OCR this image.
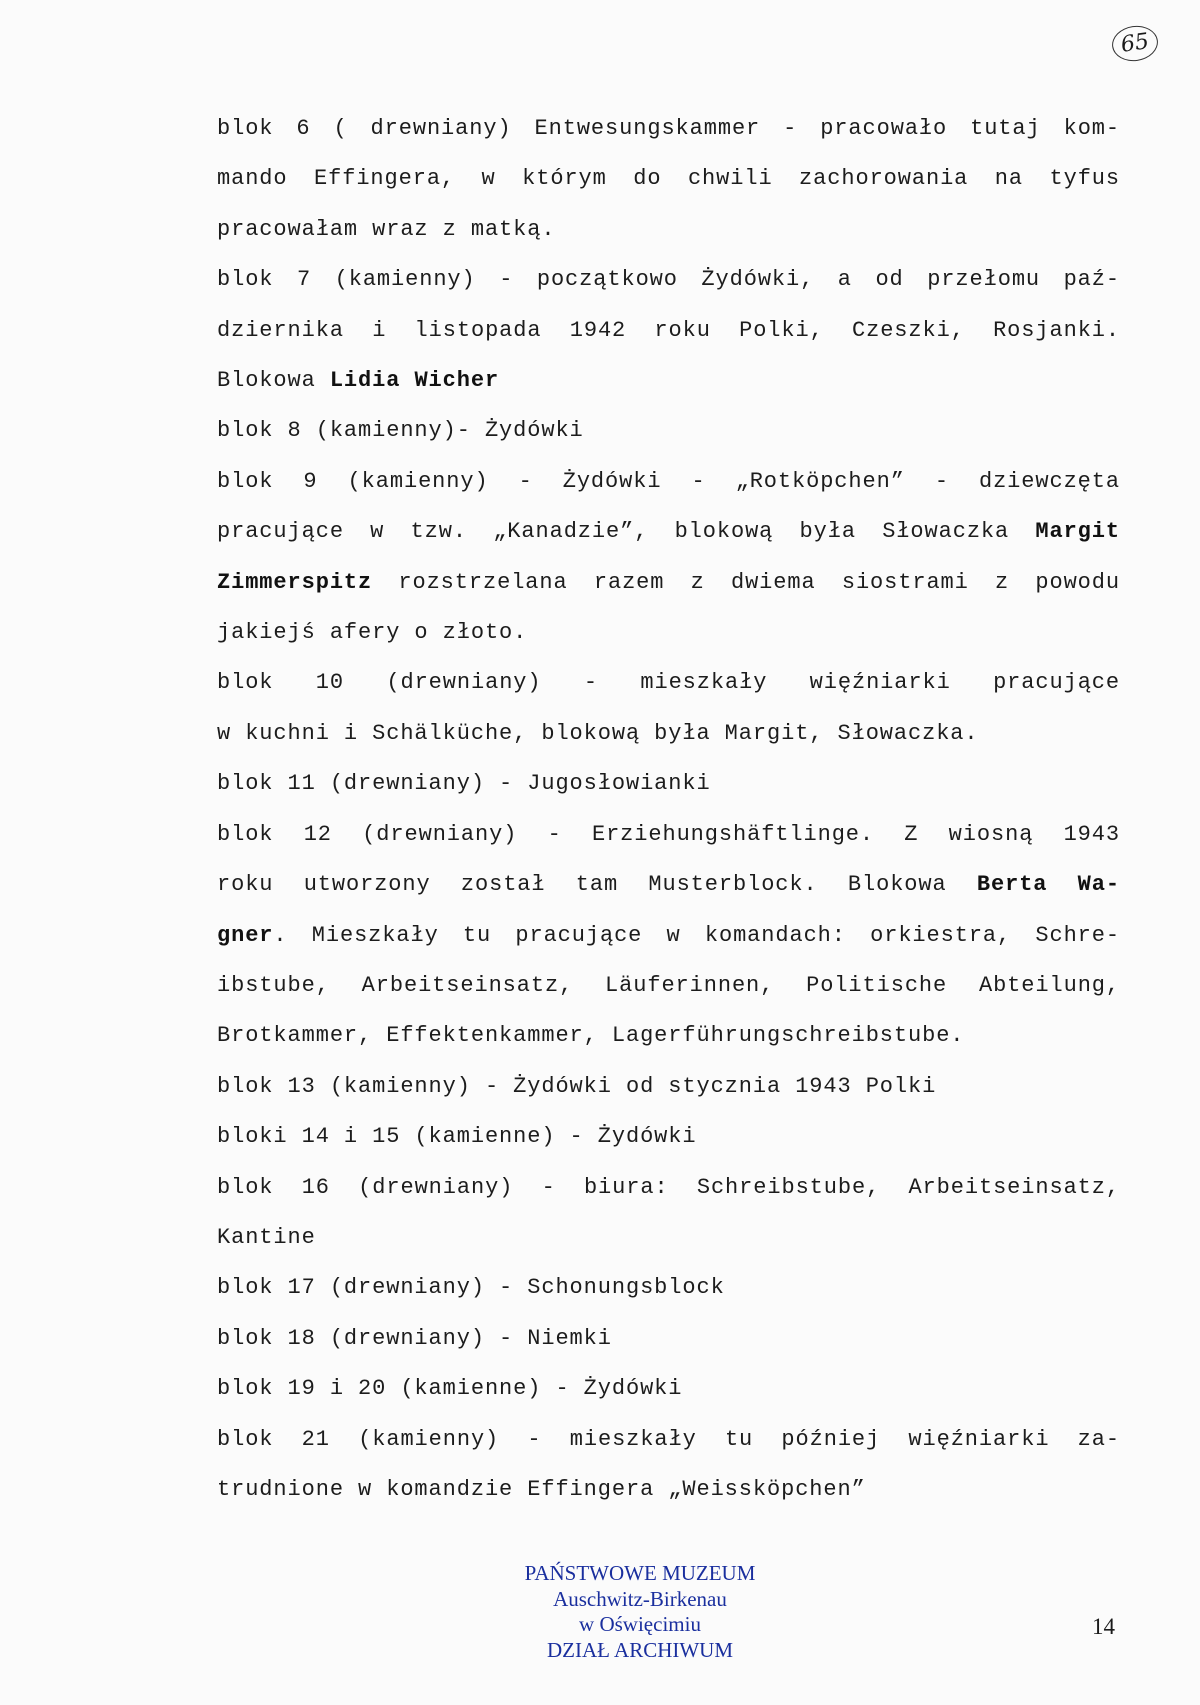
65

blok 6 ( drewniany) Entwesungskammer - pracowało tutaj kom-

mando Effingera, w którym do chwili zachorowania na tyfus

pracowałam wraz z matką.

blok 7 (kamienny) - początkowo Żydówki, a od przełomu paź-

dziernika i listopada 1942 roku Polki, Czeszki, Rosjanki.

Blokowa Lidia Wicher

blok 8 (kamienny)- Żydówki

blok 9 (kamienny) - Żydówki - „Rotköpchen” - dziewczęta

pracujące w tzw. „Kanadzie”, blokową była Słowaczka Margit

Zimmerspitz rozstrzelana razem z dwiema siostrami z powodu

jakiejś afery o złoto.

blok 10 (drewniany) - mieszkały więźniarki pracujące

w kuchni i Schälküche, blokową była Margit, Słowaczka.

blok 11 (drewniany) - Jugosłowianki

blok 12 (drewniany) - Erziehungshäftlinge. Z wiosną 1943

roku utworzony został tam Musterblock. Blokowa Berta Wa-

gner. Mieszkały tu pracujące w komandach: orkiestra, Schre-

ibstube, Arbeitseinsatz, Läuferinnen, Politische Abteilung,

Brotkammer, Effektenkammer, Lagerführungschreibstube.

blok 13 (kamienny) - Żydówki od stycznia 1943 Polki

bloki 14 i 15 (kamienne) - Żydówki

blok 16 (drewniany) - biura: Schreibstube, Arbeitseinsatz,

Kantine

blok 17 (drewniany) - Schonungsblock

blok 18 (drewniany) - Niemki

blok 19 i 20 (kamienne) - Żydówki

blok 21 (kamienny) - mieszkały tu później więźniarki za-

trudnione w komandzie Effingera „Weisskӧpchen”

PAŃSTWOWE MUZEUM
Auschwitz-Birkenau
w Oświęcimiu
DZIAŁ ARCHIWUM
14
